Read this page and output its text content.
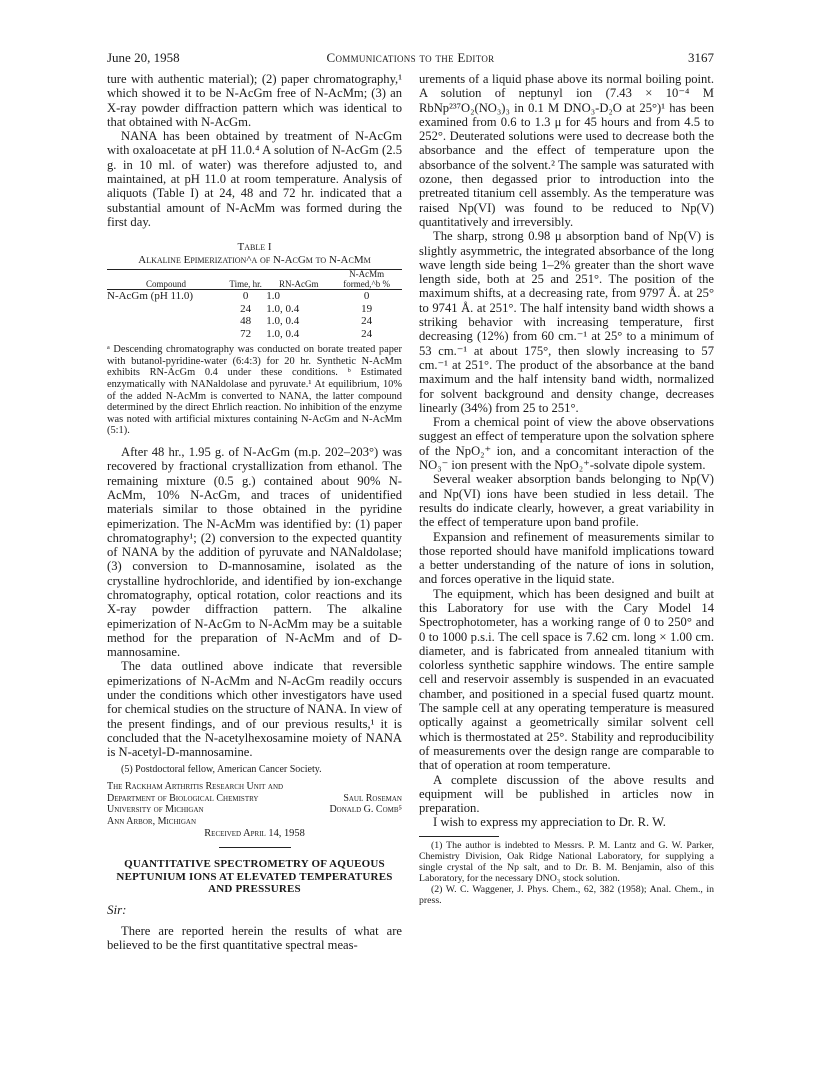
June 20, 1958	Communications to the Editor	3167

ture with authentic material); (2) paper chromatography,¹ which showed it to be N-AcGm free of N-AcMm; (3) an X-ray powder diffraction pattern which was identical to that obtained with N-AcGm.

NANA has been obtained by treatment of N-AcGm with oxaloacetate at pH 11.0.⁴ A solution of N-AcGm (2.5 g. in 10 ml. of water) was therefore adjusted to, and maintained, at pH 11.0 at room temperature. Analysis of aliquots (Table I) at 24, 48 and 72 hr. indicated that a substantial amount of N-AcMm was formed during the first day.

Table I
Alkaline Epimerization^a of N-AcGm to N-AcMm
Compound	Time, hr.	RN-AcGm	N-AcMm formed,^b %
N-AcGm (pH 11.0)	0	1.0	0
	24	1.0, 0.4	19
	48	1.0, 0.4	24
	72	1.0, 0.4	24

ᵃ Descending chromatography was conducted on borate treated paper with butanol-pyridine-water (6:4:3) for 20 hr. Synthetic N-AcMm exhibits RN-AcGm 0.4 under these conditions. ᵇ Estimated enzymatically with NANaldolase and pyruvate.¹ At equilibrium, 10% of the added N-AcMm is converted to NANA, the latter compound determined by the direct Ehrlich reaction. No inhibition of the enzyme was noted with artificial mixtures containing N-AcGm and N-AcMm (5:1).

After 48 hr., 1.95 g. of N-AcGm (m.p. 202–203°) was recovered by fractional crystallization from ethanol. The remaining mixture (0.5 g.) contained about 90% N-AcMm, 10% N-AcGm, and traces of unidentified materials similar to those obtained in the pyridine epimerization. The N-AcMm was identified by: (1) paper chromatography¹; (2) conversion to the expected quantity of NANA by the addition of pyruvate and NANaldolase; (3) conversion to D-mannosamine, isolated as the crystalline hydrochloride, and identified by ion-exchange chromatography, optical rotation, color reactions and its X-ray powder diffraction pattern. The alkaline epimerization of N-AcGm to N-AcMm may be a suitable method for the preparation of N-AcMm and of D-mannosamine.

The data outlined above indicate that reversible epimerizations of N-AcMm and N-AcGm readily occurs under the conditions which other investigators have used for chemical studies on the structure of NANA. In view of the present findings, and of our previous results,¹ it is concluded that the N-acetylhexosamine moiety of NANA is N-acetyl-D-mannosamine.

(5) Postdoctoral fellow, American Cancer Society.

The Rackham Arthritis Research Unit and
Department of Biological Chemistry	Saul Roseman
University of Michigan	Donald G. Comb⁵
Ann Arbor, Michigan
Received April 14, 1958
QUANTITATIVE SPECTROMETRY OF AQUEOUS NEPTUNIUM IONS AT ELEVATED TEMPERATURES AND PRESSURES
Sir:

There are reported herein the results of what are believed to be the first quantitative spectral meas-

urements of a liquid phase above its normal boiling point. A solution of neptunyl ion (7.43 × 10⁻⁴ M RbNp²³⁷O₂(NO₃)₃ in 0.1 M DNO₃-D₂O at 25°)¹ has been examined from 0.6 to 1.3 μ for 45 hours and from 4.5 to 252°. Deuterated solutions were used to decrease both the absorbance and the effect of temperature upon the absorbance of the solvent.² The sample was saturated with ozone, then degassed prior to introduction into the pretreated titanium cell assembly. As the temperature was raised Np(VI) was found to be reduced to Np(V) quantitatively and irreversibly.

The sharp, strong 0.98 μ absorption band of Np(V) is slightly asymmetric, the integrated absorbance of the long wave length side being 1–2% greater than the short wave length side, both at 25 and 251°. The position of the maximum shifts, at a decreasing rate, from 9797 Å. at 25° to 9741 Å. at 251°. The half intensity band width shows a striking behavior with increasing temperature, first decreasing (12%) from 60 cm.⁻¹ at 25° to a minimum of 53 cm.⁻¹ at about 175°, then slowly increasing to 57 cm.⁻¹ at 251°. The product of the absorbance at the band maximum and the half intensity band width, normalized for solvent background and density change, decreases linearly (34%) from 25 to 251°.

From a chemical point of view the above observations suggest an effect of temperature upon the solvation sphere of the NpO₂⁺ ion, and a concomitant interaction of the NO₃⁻ ion present with the NpO₂⁺-solvate dipole system.

Several weaker absorption bands belonging to Np(V) and Np(VI) ions have been studied in less detail. The results do indicate clearly, however, a great variability in the effect of temperature upon band profile.

Expansion and refinement of measurements similar to those reported should have manifold implications toward a better understanding of the nature of ions in solution, and forces operative in the liquid state.

The equipment, which has been designed and built at this Laboratory for use with the Cary Model 14 Spectrophotometer, has a working range of 0 to 250° and 0 to 1000 p.s.i. The cell space is 7.62 cm. long × 1.00 cm. diameter, and is fabricated from annealed titanium with colorless synthetic sapphire windows. The entire sample cell and reservoir assembly is suspended in an evacuated chamber, and positioned in a special fused quartz mount. The sample cell at any operating temperature is measured optically against a geometrically similar solvent cell which is thermostated at 25°. Stability and reproducibility of measurements over the design range are comparable to that of operation at room temperature.

A complete discussion of the above results and equipment will be published in articles now in preparation.

I wish to express my appreciation to Dr. R. W.

(1) The author is indebted to Messrs. P. M. Lantz and G. W. Parker, Chemistry Division, Oak Ridge National Laboratory, for supplying a single crystal of the Np salt, and to Dr. B. M. Benjamin, also of this Laboratory, for the necessary DNO₃ stock solution.

(2) W. C. Waggener, J. Phys. Chem., 62, 382 (1958); Anal. Chem., in press.
